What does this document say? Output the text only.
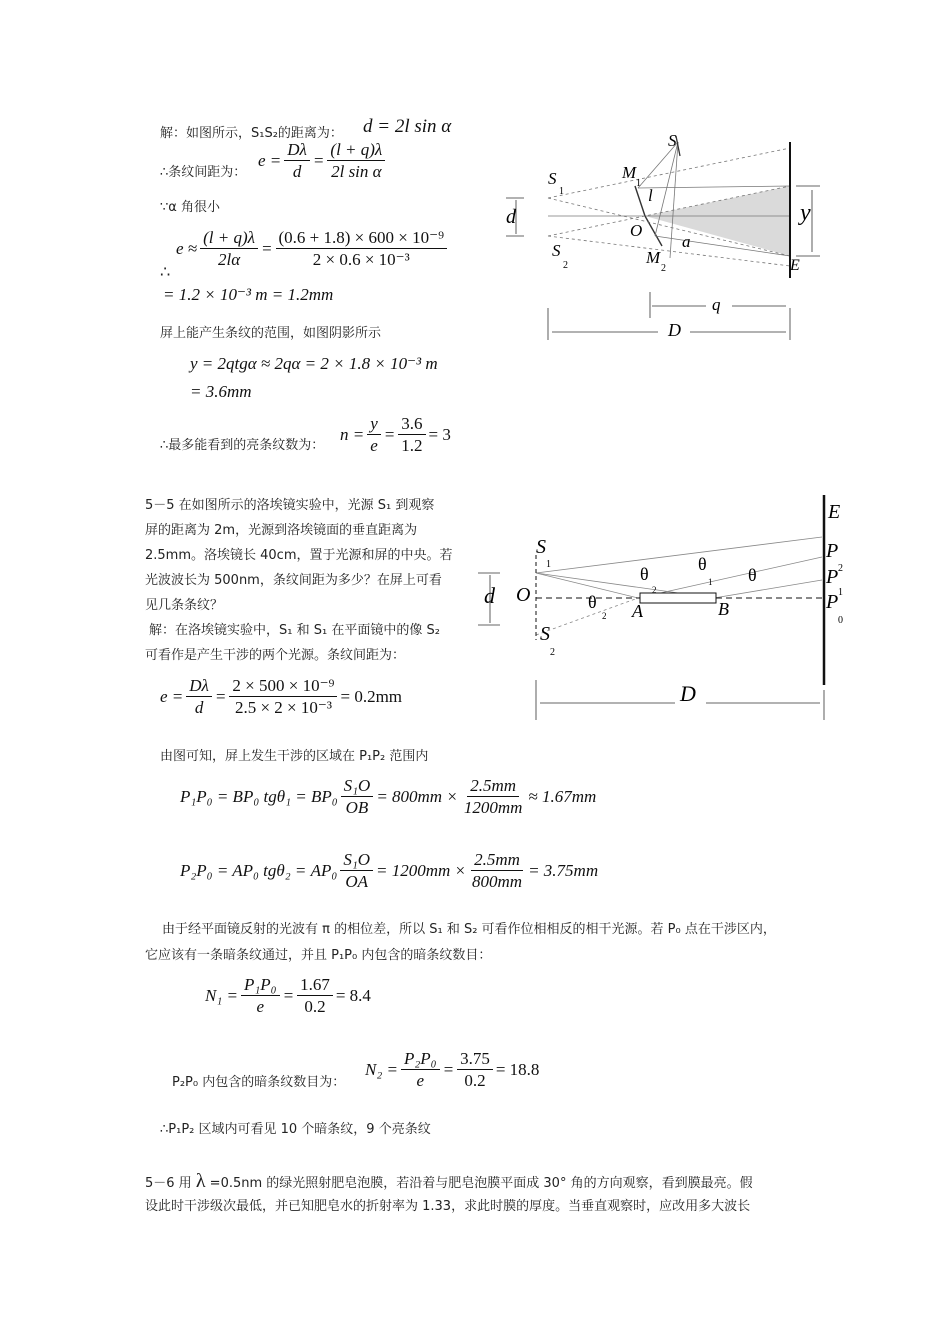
解：如图所示，S₁S₂的距离为： d = 2l sin α
∴条纹间距为：
$e = \frac{D\lambda}{d} = \frac{(l + q)\lambda}{\text{2l sin α}}$
∵α 角很小
∴
$e \approx \frac{(l + q)\lambda}{2l\alpha} = \frac{\text{(0.6 + 1.8) × 600 × 10⁻⁹}}{\text{2 × 0.6 × 10⁻³}}$
= 1.2 × 10⁻³ m = 1.2mm
屏上能产生条纹的范围，如图阴影所示
y = 2qtgα ≈ 2qα = 2 × 1.8 × 10⁻³ m
= 3.6mm
∴最多能看到的亮条纹数为：
$n = \frac{y}{e} = \frac{3.6}{1.2} = 3$
S
S
1
S
2
M
1
M
2
l
O
a
d	y
E
q
D
5－5 在如图所示的洛埃镜实验中，光源 S₁ 到观察
屏的距离为 2m，光源到洛埃镜面的垂直距离为
2.5mm。洛埃镜长 40cm，置于光源和屏的中央。若
光波波长为 500nm，条纹间距为多少？在屏上可看
见几条条纹？
解：在洛埃镜实验中，S₁ 和 S₁ 在平面镜中的像 S₂
可看作是产生干涉的两个光源。条纹间距为：
$e = \frac{D\lambda}{d} = \frac{\text{2 × 500 × 10⁻⁹}}{\text{2.5 × 2 × 10⁻³}} = 0.2mm$
由图可知，屏上发生干涉的区域在 P₁P₂ 范围内
P₁P₀ = BP₀ $tg\theta_1 = BP_0 \frac{\text{S₁O}}{OB} = 800mm \times \frac{2.5mm}{1200mm} \approx 1.67mm$
P₂P₀ = AP₀ $tg\theta_2 = AP_0 \frac{\text{S₁O}}{OA} = 1200mm \times \frac{2.5mm}{800mm} = 3.75mm$
由于经平面镜反射的光波有 π 的相位差，所以 S₁ 和 S₂ 可看作位相相反的相干光源。若 P₀ 点在干涉区内，
它应该有一条暗条纹通过，并且 P₁P₀ 内包含的暗条纹数目：
$N_1 = \frac{\text{P₁P₀}}{e} = \frac{1.67}{0.2} = 8.4$
P₂P₀ 内包含的暗条纹数目为：
$N_2 = \frac{\text{P₂P₀}}{e} = \frac{3.75}{0.2} = 18.8$
∴P₁P₂ 区域内可看见 10 个暗条纹，9 个亮条纹
E
P
2
P
1
P
0
S
1
S
2
O
d
A	B
θ
2
θ
1 θ
θ
2
D
5－6 用 λ =0.5nm 的绿光照射肥皂泡膜，若沿着与肥皂泡膜平面成 30° 角的方向观察，看到膜最亮。假
设此时干涉级次最低，并已知肥皂水的折射率为 1.33，求此时膜的厚度。当垂直观察时，应改用多大波长
